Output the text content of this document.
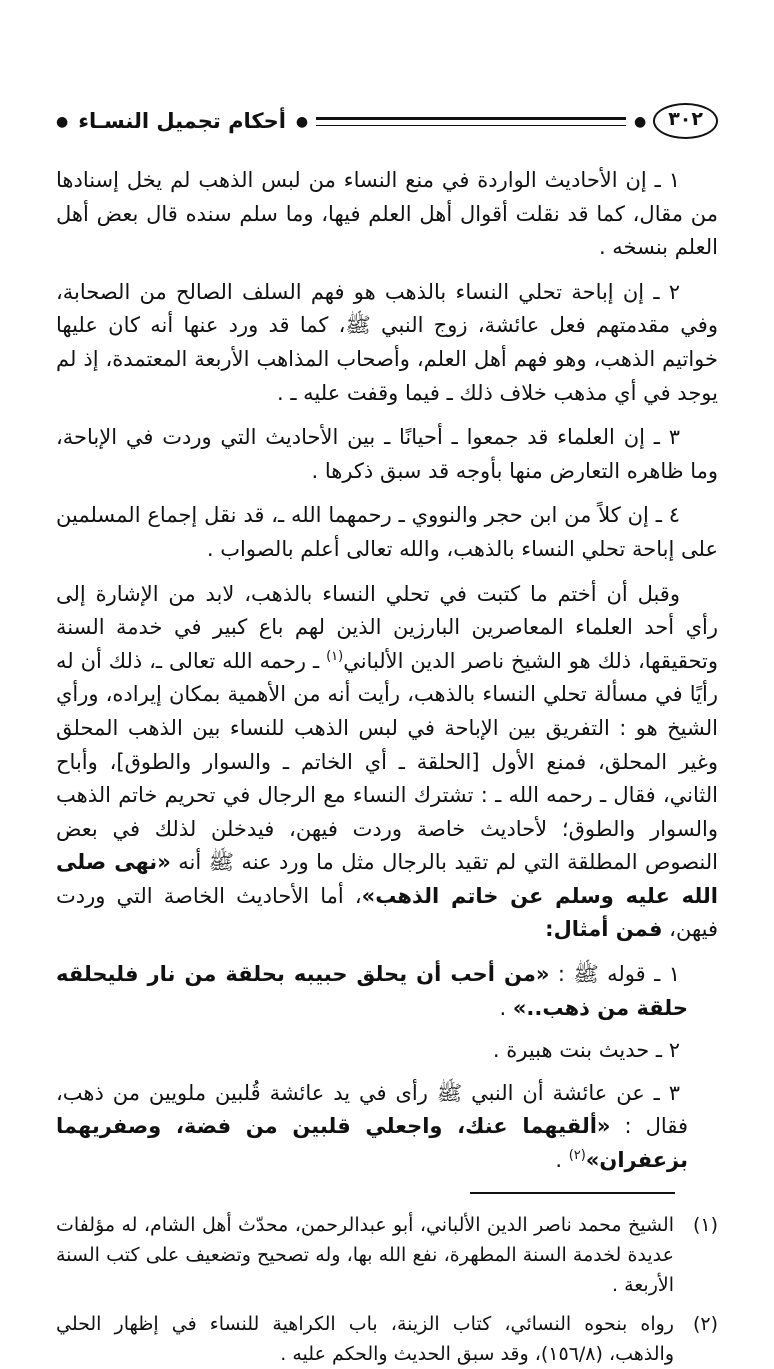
٣٠٢
●
●
أحكام تجميل النسـاء
●

١ ـ إن الأحاديث الواردة في منع النساء من لبس الذهب لم يخل إسنادها من مقال، كما قد نقلت أقوال أهل العلم فيها، وما سلم سنده قال بعض أهل العلم بنسخه .

٢ ـ إن إباحة تحلي النساء بالذهب هو فهم السلف الصالح من الصحابة، وفي مقدمتهم فعل عائشة، زوج النبي ﷺ، كما قد ورد عنها أنه كان عليها خواتيم الذهب، وهو فهم أهل العلم، وأصحاب المذاهب الأربعة المعتمدة، إذ لم يوجد في أي مذهب خلاف ذلك ـ فيما وقفت عليه ـ .

٣ ـ إن العلماء قد جمعوا ـ أحيانًا ـ بين الأحاديث التي وردت في الإباحة، وما ظاهره التعارض منها بأوجه قد سبق ذكرها .

٤ ـ إن كلاً من ابن حجر والنووي ـ رحمهما الله ـ، قد نقل إجماع المسلمين على إباحة تحلي النساء بالذهب، والله تعالى أعلم بالصواب .

وقبل أن أختم ما كتبت في تحلي النساء بالذهب، لابد من الإشارة إلى رأي أحد العلماء المعاصرين البارزين الذين لهم باع كبير في خدمة السنة وتحقيقها، ذلك هو الشيخ ناصر الدين الألباني$^{(١)}$ ـ رحمه الله تعالى ـ، ذلك أن له رأيًا في مسألة تحلي النساء بالذهب، رأيت أنه من الأهمية بمكان إيراده، ورأي الشيخ هو : التفريق بين الإباحة في لبس الذهب للنساء بين الذهب المحلق وغير المحلق، فمنع الأول [الحلقة ـ أي الخاتم ـ والسوار والطوق]، وأباح الثاني، فقال ـ رحمه الله ـ : تشترك النساء مع الرجال في تحريم خاتم الذهب والسوار والطوق؛ لأحاديث خاصة وردت فيهن، فيدخلن لذلك في بعض النصوص المطلقة التي لم تقيد بالرجال مثل ما ورد عنه ﷺ أنه «نهى صلى الله عليه وسلم عن خاتم الذهب»، أما الأحاديث الخاصة التي وردت فيهن، فمن أمثال:

١ ـ قوله ﷺ : «من أحب أن يحلق حبيبه بحلقة من نار فليحلقه حلقة من ذهب..» .

٢ ـ حديث بنت هبيرة .

٣ ـ عن عائشة أن النبي ﷺ رأى في يد عائشة قُلبين ملويين من ذهب، فقال : «ألقيهما عنك، واجعلي قلبين من فضة، وصفريهما بزعفران»$^{(٢)}$ .

(١)
الشيخ محمد ناصر الدين الألباني، أبو عبدالرحمن، محدّث أهل الشام، له مؤلفات عديدة لخدمة السنة المطهرة، نفع الله بها، وله تصحيح وتضعيف على كتب السنة الأربعة .
(٢)
رواه بنحوه النسائي، كتاب الزينة، باب الكراهية للنساء في إظهار الحلي والذهب، (١٥٦/٨)، وقد سبق الحديث والحكم عليه .
